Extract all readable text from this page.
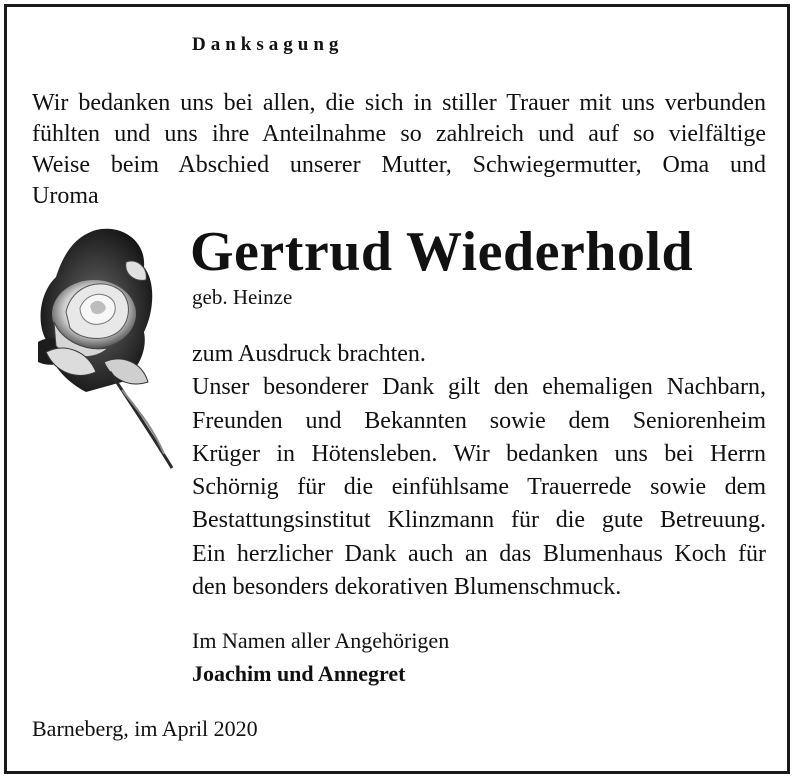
Danksagung
Wir bedanken uns bei allen, die sich in stiller Trauer mit uns verbunden
fühlten und uns ihre Anteilnahme so zahlreich und auf so vielfältige
Weise beim Abschied unserer Mutter, Schwiegermutter, Oma und
Uroma
Gertrud Wiederhold
geb. Heinze
zum Ausdruck brachten.
Unser besonderer Dank gilt den ehemaligen Nachbarn,
Freunden und Bekannten sowie dem Seniorenheim
Krüger in Hötensleben. Wir bedanken uns bei Herrn
Schörnig für die einfühlsame Trauerrede sowie dem
Bestattungsinstitut Klinzmann für die gute Betreuung.
Ein herzlicher Dank auch an das Blumenhaus Koch für
den besonders dekorativen Blumenschmuck.
Im Namen aller Angehörigen
Joachim und Annegret
Barneberg, im April 2020
